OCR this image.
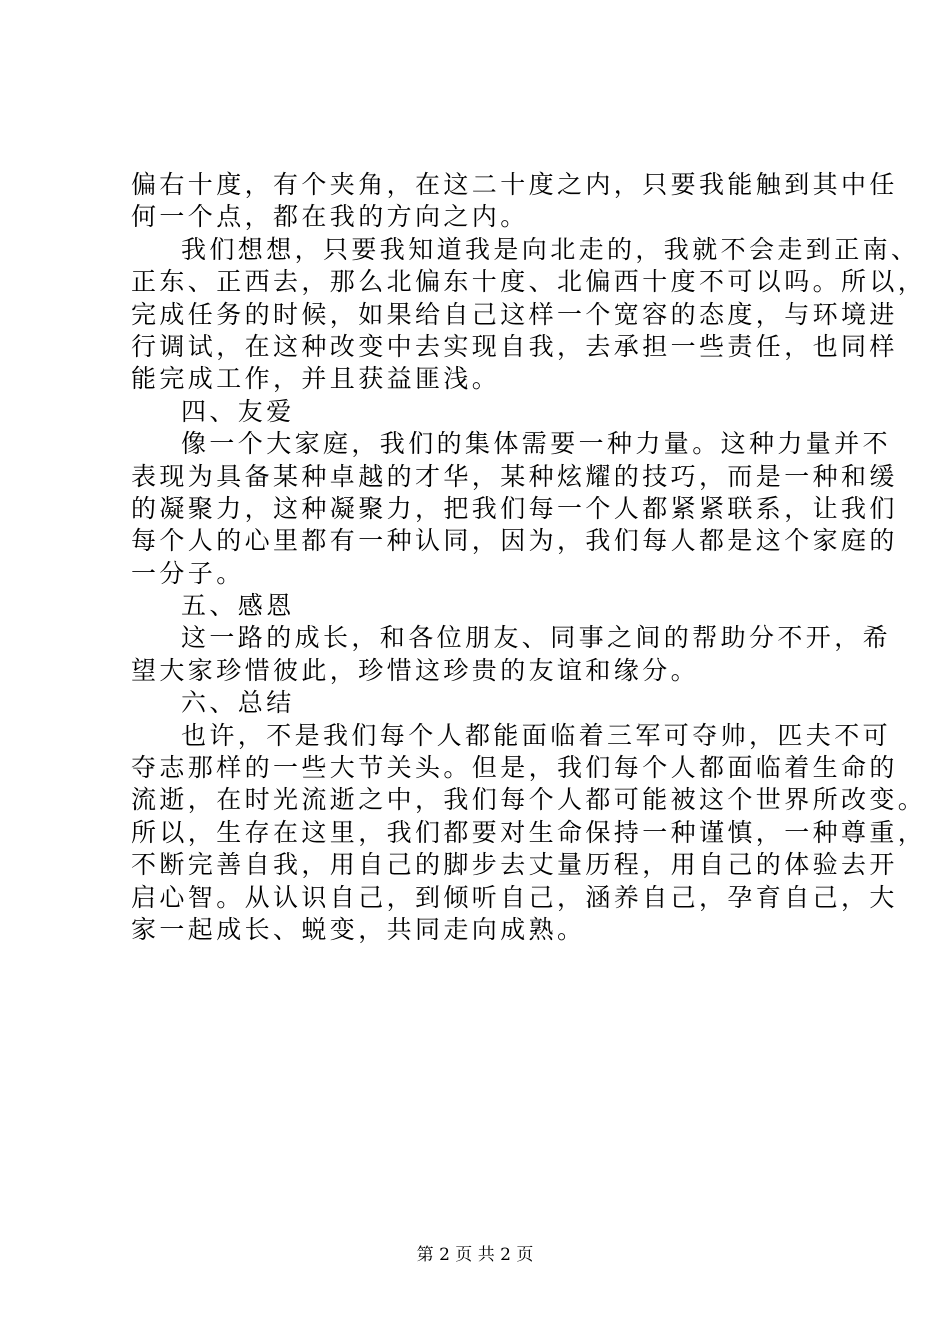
偏右十度，有个夹角，在这二十度之内，只要我能触到其中任
何一个点，都在我的方向之内。
我们想想，只要我知道我是向北走的，我就不会走到正南、
正东、正西去，那么北偏东十度、北偏西十度不可以吗。所以，
完成任务的时候，如果给自己这样一个宽容的态度，与环境进
行调试，在这种改变中去实现自我，去承担一些责任，也同样
能完成工作，并且获益匪浅。
四、友爱
像一个大家庭，我们的集体需要一种力量。这种力量并不
表现为具备某种卓越的才华，某种炫耀的技巧，而是一种和缓
的凝聚力，这种凝聚力，把我们每一个人都紧紧联系，让我们
每个人的心里都有一种认同，因为，我们每人都是这个家庭的
一分子。
五、感恩
这一路的成长，和各位朋友、同事之间的帮助分不开，希
望大家珍惜彼此，珍惜这珍贵的友谊和缘分。
六、总结
也许，不是我们每个人都能面临着三军可夺帅，匹夫不可
夺志那样的一些大节关头。但是，我们每个人都面临着生命的
流逝，在时光流逝之中，我们每个人都可能被这个世界所改变。
所以，生存在这里，我们都要对生命保持一种谨慎，一种尊重，
不断完善自我，用自己的脚步去丈量历程，用自己的体验去开
启心智。从认识自己，到倾听自己，涵养自己，孕育自己，大
家一起成长、蜕变，共同走向成熟。
第 2 页 共 2 页
